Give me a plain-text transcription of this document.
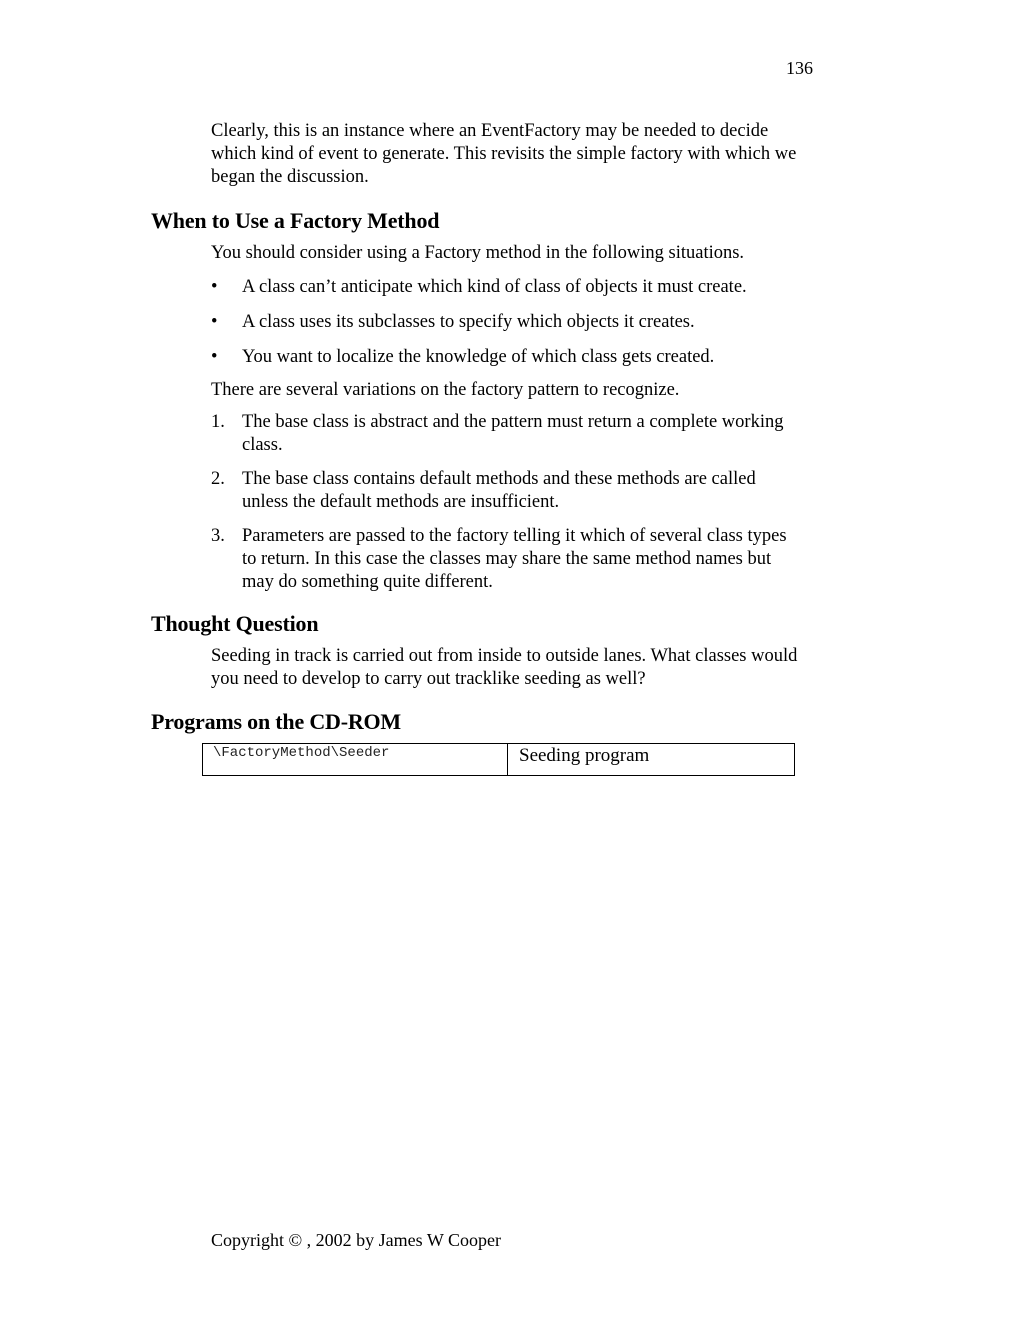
136

Clearly, this is an instance where an EventFactory may be needed to decide which kind of event to generate. This revisits the simple factory with which we began the discussion.

When to Use a Factory Method

You should consider using a Factory method in the following situations.

• A class can’t anticipate which kind of class of objects it must create.
• A class uses its subclasses to specify which objects it creates.
• You want to localize the knowledge of which class gets created.

There are several variations on the factory pattern to recognize.

1. The base class is abstract and the pattern must return a complete working class.
2. The base class contains default methods and these methods are called unless the default methods are insufficient.
3. Parameters are passed to the factory telling it which of several class types to return. In this case the classes may share the same method names but may do something quite different.
Thought Question

Seeding in track is carried out from inside to outside lanes. What classes would you need to develop to carry out tracklike seeding as well?

Programs on the CD-ROM
\FactoryMethod\Seeder	Seeding program
Copyright © , 2002 by James W Cooper
